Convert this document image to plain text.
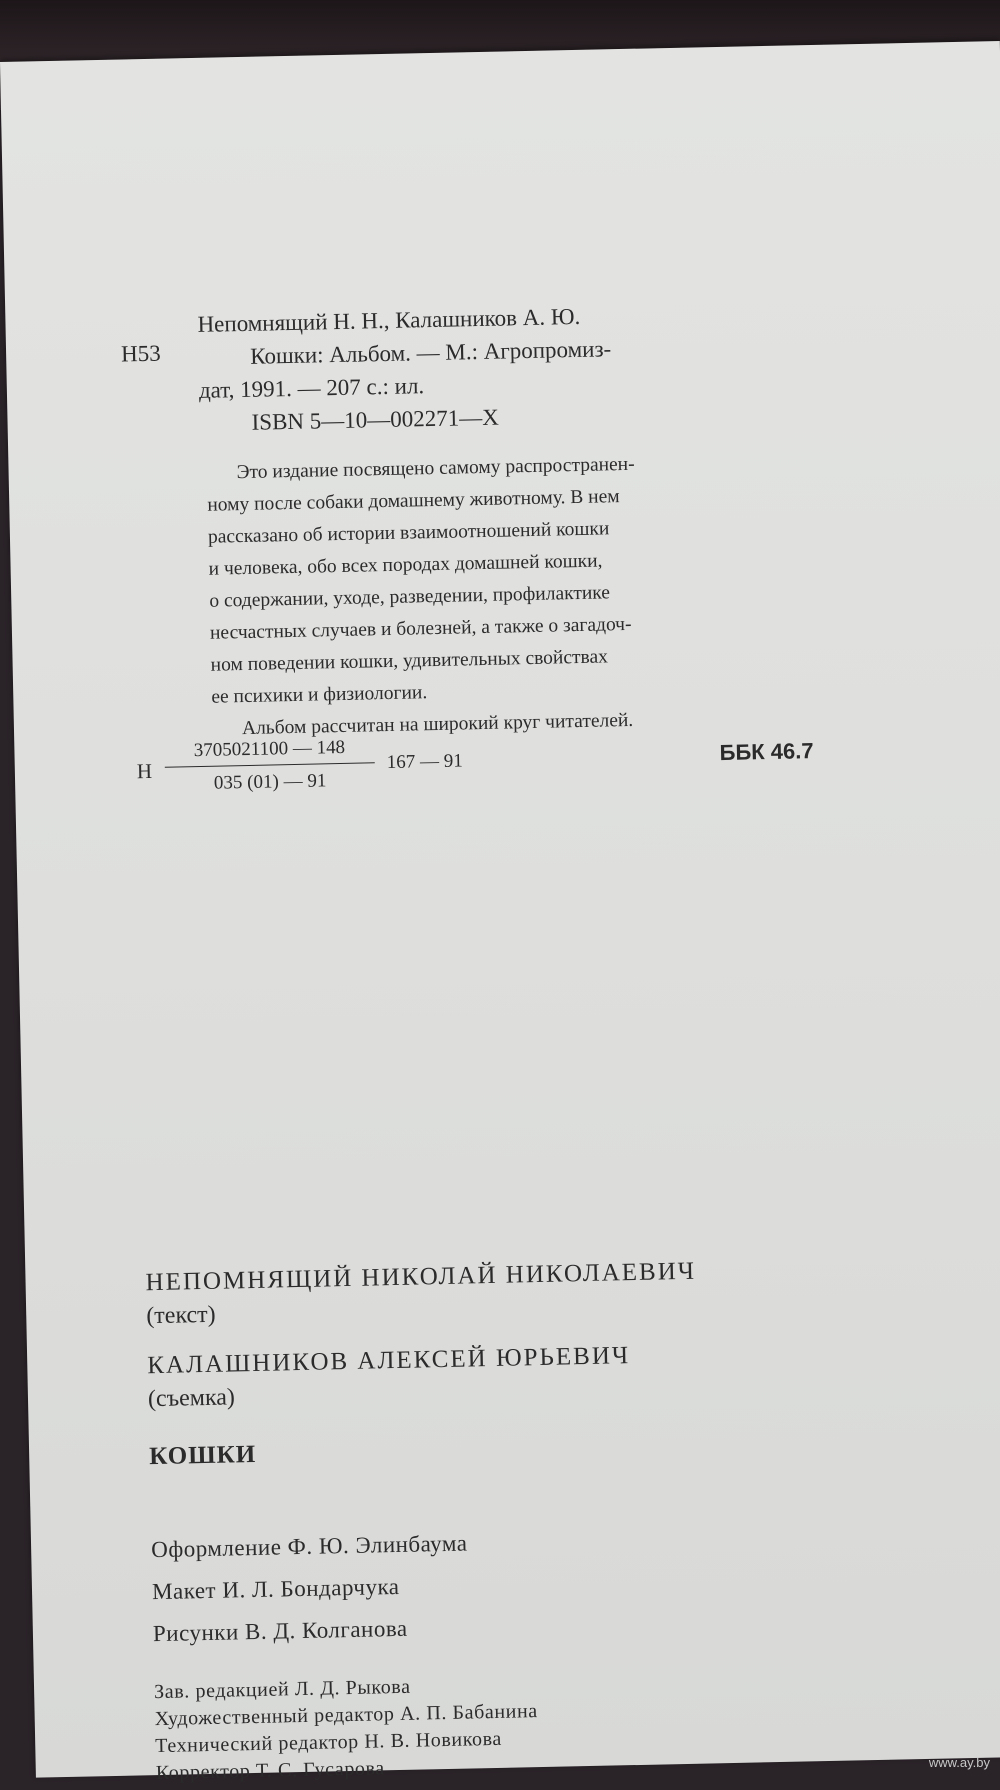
Н53
Непомнящий Н. Н., Калашников А. Ю.
Кошки: Альбом. — М.: Агропромиз-
дат, 1991. — 207 с.: ил.
ISBN 5—10—002271—X
Это издание посвящено самому распространен-
ному после собаки домашнему животному. В нем
рассказано об истории взаимоотношений кошки
и человека, обо всех породах домашней кошки,
о содержании, уходе, разведении, профилактике
несчастных случаев и болезней, а также о загадоч-
ном поведении кошки, удивительных свойствах
ее психики и физиологии.
Альбом рассчитан на широкий круг читателей.
Н $\frac{3705021100 — 148}{035 (01) — 91} 167$ — 91	ББК 46.7
НЕПОМНЯЩИЙ НИКОЛАЙ НИКОЛАЕВИЧ
(текст)
КАЛАШНИКОВ АЛЕКСЕЙ ЮРЬЕВИЧ
(съемка)
КОШКИ
Оформление Ф. Ю. Элинбаума
Макет И. Л. Бондарчука
Рисунки В. Д. Колганова
Зав. редакцией Л. Д. Рыкова
Художественный редактор А. П. Бабанина
Технический редактор Н. В. Новикова
Корректор Т. С. Гусарова	www.ay.by
